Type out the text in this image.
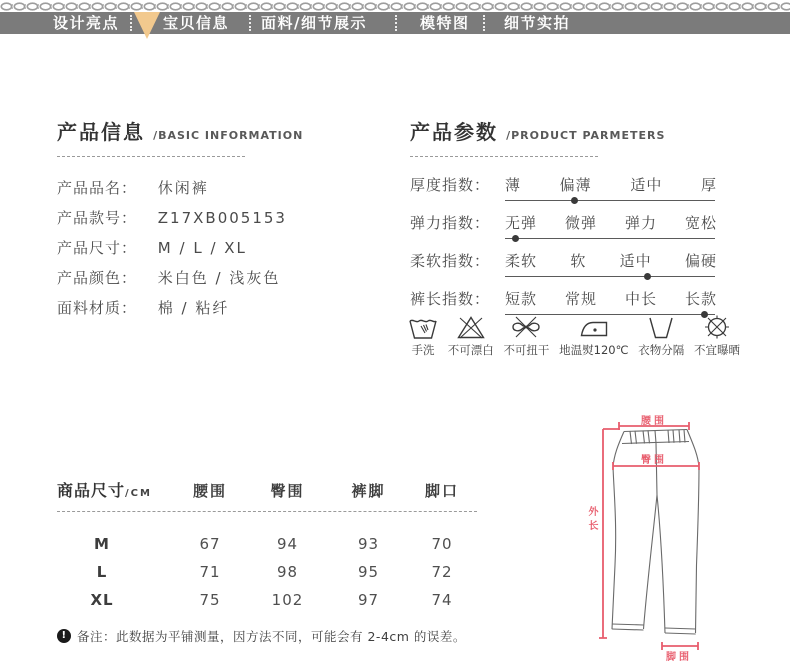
设计亮点	宝贝信息 面料/细节展示	模特图 细节实拍
产品信息 /BASIC INFORMATION
产品品名： 休闲裤
产品款号： Z17XB005153
产品尺寸： M / L / XL
产品颜色： 米白色 / 浅灰色
面料材质： 棉 / 粘纤
产品参数 /PRODUCT PARMETERS
厚度指数： 薄	偏薄	适中	厚
弹力指数： 无弹 微弹 弹力 宽松
柔软指数： 柔软 软 适中 偏硬
裤长指数： 短款 常规 中长 长款
手洗 不可漂白 不可扭干 地温熨120℃ 衣物分隔 不宜曝晒
商品尺寸/CM	腰围	臀围	裤脚	脚口
M	67	94	93	70
L	71	98	95	72
XL	75	102	97	74
! 备注：此数据为平铺测量，因方法不同，可能会有 2-4cm 的误差。
腰围
臀围
外长
脚围
